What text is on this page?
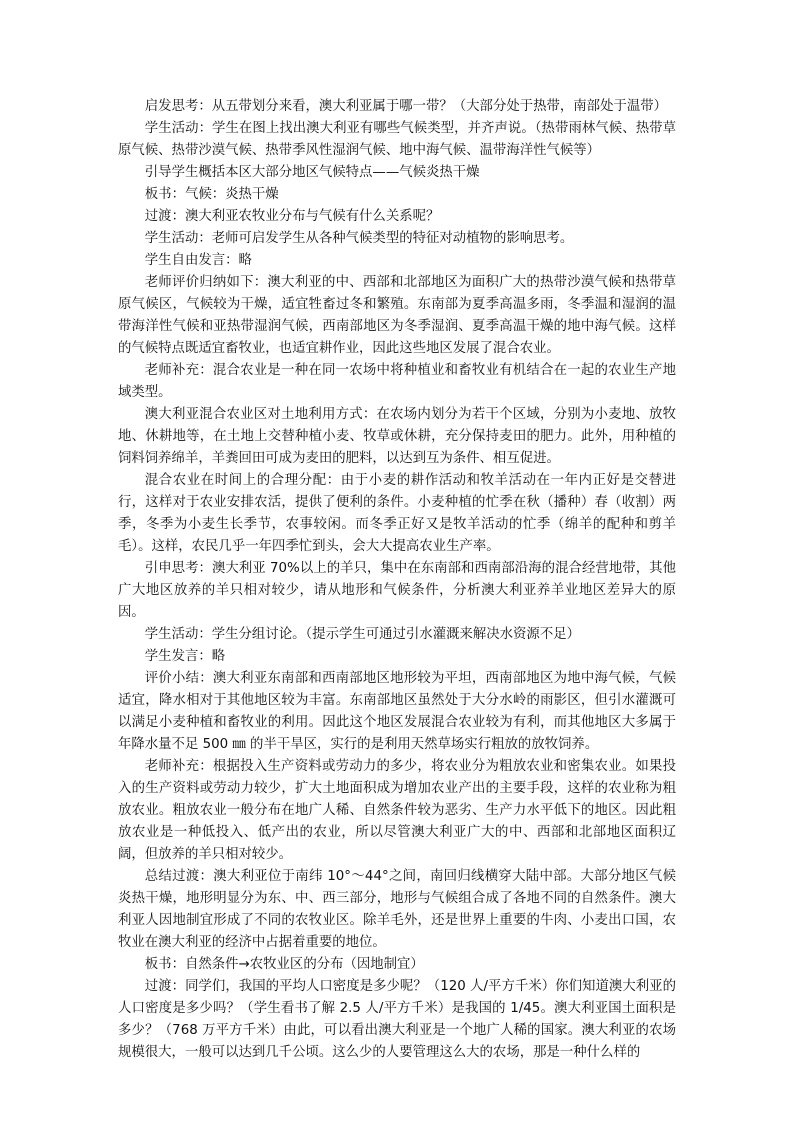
启发思考：从五带划分来看，澳大利亚属于哪一带？（大部分处于热带，南部处于温带）

学生活动：学生在图上找出澳大利亚有哪些气候类型，并齐声说。（热带雨林气候、热带草原气候、热带沙漠气候、热带季风性湿润气候、地中海气候、温带海洋性气候等）

引导学生概括本区大部分地区气候特点——气候炎热干燥

板书：气候：炎热干燥

过渡：澳大利亚农牧业分布与气候有什么关系呢？

学生活动：老师可启发学生从各种气候类型的特征对动植物的影响思考。

学生自由发言：略

老师评价归纳如下：澳大利亚的中、西部和北部地区为面积广大的热带沙漠气候和热带草原气候区，气候较为干燥，适宜牲畜过冬和繁殖。东南部为夏季高温多雨，冬季温和湿润的温带海洋性气候和亚热带湿润气候，西南部地区为冬季湿润、夏季高温干燥的地中海气候。这样的气候特点既适宜畜牧业，也适宜耕作业，因此这些地区发展了混合农业。

老师补充：混合农业是一种在同一农场中将种植业和畜牧业有机结合在一起的农业生产地域类型。

澳大利亚混合农业区对土地利用方式：在农场内划分为若干个区域，分别为小麦地、放牧地、休耕地等，在土地上交替种植小麦、牧草或休耕，充分保持麦田的肥力。此外，用种植的饲料饲养绵羊，羊粪回田可成为麦田的肥料，以达到互为条件、相互促进。

混合农业在时间上的合理分配：由于小麦的耕作活动和牧羊活动在一年内正好是交替进行，这样对于农业安排农活，提供了便利的条件。小麦种植的忙季在秋（播种）春（收割）两季，冬季为小麦生长季节，农事较闲。而冬季正好又是牧羊活动的忙季（绵羊的配种和剪羊毛）。这样，农民几乎一年四季忙到头，会大大提高农业生产率。

引申思考：澳大利亚 70%以上的羊只，集中在东南部和西南部沿海的混合经营地带，其他广大地区放养的羊只相对较少，请从地形和气候条件，分析澳大利亚养羊业地区差异大的原因。

学生活动：学生分组讨论。（提示学生可通过引水灌溉来解决水资源不足）

学生发言：略

评价小结：澳大利亚东南部和西南部地区地形较为平坦，西南部地区为地中海气候，气候适宜，降水相对于其他地区较为丰富。东南部地区虽然处于大分水岭的雨影区，但引水灌溉可以满足小麦种植和畜牧业的利用。因此这个地区发展混合农业较为有利，而其他地区大多属于年降水量不足 500 ㎜ 的半干旱区，实行的是利用天然草场实行粗放的放牧饲养。

老师补充：根据投入生产资料或劳动力的多少，将农业分为粗放农业和密集农业。如果投入的生产资料或劳动力较少，扩大土地面积成为增加农业产出的主要手段，这样的农业称为粗放农业。粗放农业一般分布在地广人稀、自然条件较为恶劣、生产力水平低下的地区。因此粗放农业是一种低投入、低产出的农业，所以尽管澳大利亚广大的中、西部和北部地区面积辽阔，但放养的羊只相对较少。

总结过渡：澳大利亚位于南纬 10°～44°之间，南回归线横穿大陆中部。大部分地区气候炎热干燥，地形明显分为东、中、西三部分，地形与气候组合成了各地不同的自然条件。澳大利亚人因地制宜形成了不同的农牧业区。除羊毛外，还是世界上重要的牛肉、小麦出口国，农牧业在澳大利亚的经济中占据着重要的地位。

板书：自然条件→农牧业区的分布（因地制宜）

过渡：同学们，我国的平均人口密度是多少呢？（120 人/平方千米）你们知道澳大利亚的人口密度是多少吗？（学生看书了解 2.5 人/平方千米）是我国的 1/45。澳大利亚国土面积是多少？（768 万平方千米）由此，可以看出澳大利亚是一个地广人稀的国家。澳大利亚的农场规模很大，一般可以达到几千公顷。这么少的人要管理这么大的农场，那是一种什么样的
